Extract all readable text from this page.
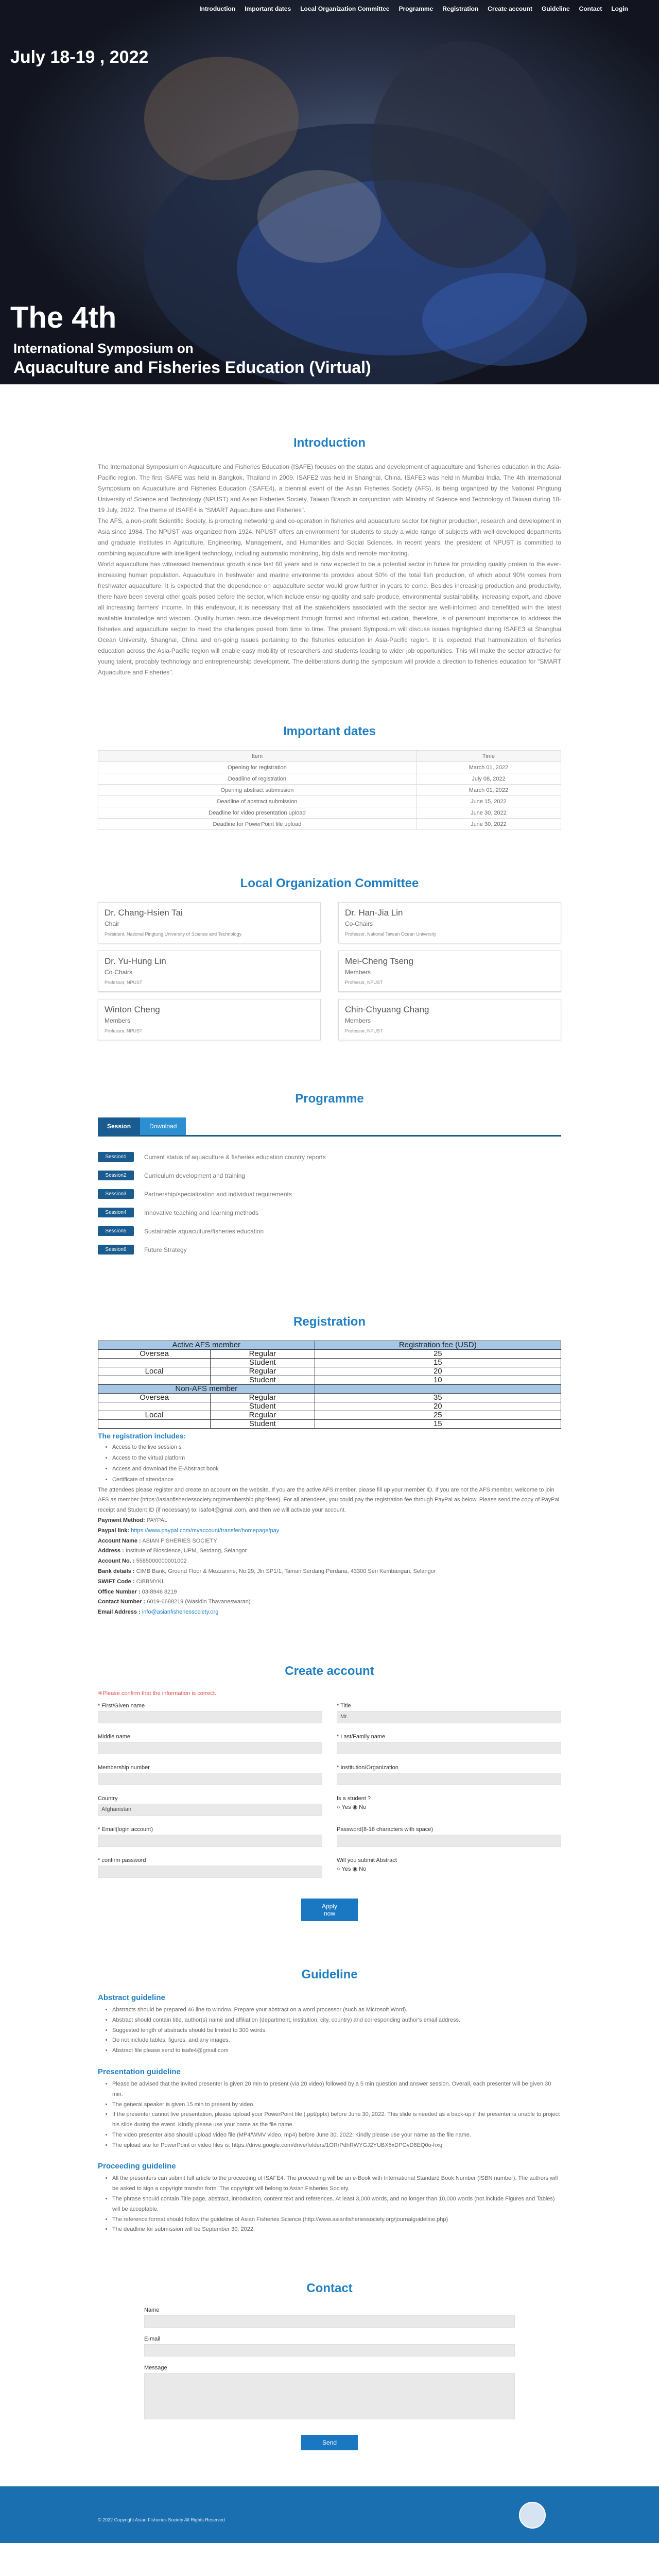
Introduction Important dates Local Organization Committee Programme Registration Create account Guideline Contact Login
July 18-19 , 2022
The 4th
International Symposium on
Aquaculture and Fisheries Education (Virtual)
Introduction

The International Symposium on Aquaculture and Fisheries Education (ISAFE) focuses on the status and development of aquaculture and fisheries education in the Asia-Pacific region. The first ISAFE was held in Bangkok, Thailand in 2009. ISAFE2 was held in Shanghai, China. ISAFE3 was held in Mumbai India. The 4th International Symposium on Aquaculture and Fisheries Education (ISAFE4), a biennial event of the Asian Fisheries Society (AFS), is being organized by the National Pingtung University of Science and Technology (NPUST) and Asian Fisheries Society, Taiwan Branch in conjunction with Ministry of Science and Technology of Taiwan during 18-19 July, 2022. The theme of ISAFE4 is "SMART Aquaculture and Fisheries".

The AFS, a non-profit Scientific Society, is promoting networking and co-operation in fisheries and aquaculture sector for higher production, research and development in Asia since 1984. The NPUST was organized from 1924. NPUST offers an environment for students to study a wide range of subjects with well developed departments and graduate institutes in Agriculture, Engineering, Management, and Humanities and Social Sciences. In recent years, the president of NPUST is committed to combining aquaculture with intelligent technology, including automatic monitoring, big data and remote monitoring.

World aquaculture has witnessed tremendous growth since last 60 years and is now expected to be a potential sector in future for providing quality protein to the ever-increasing human population. Aquaculture in freshwater and marine environments provides about 50% of the total fish production, of which about 90% comes from freshwater aquaculture. It is expected that the dependence on aquaculture sector would grow further in years to come. Besides increasing production and productivity, there have been several other goals posed before the sector, which include ensuring quality and safe produce, environmental sustainability, increasing export, and above all increasing farmers' income. In this endeavour, it is necessary that all the stakeholders associated with the sector are well-informed and benefitted with the latest available knowledge and wisdom. Quality human resource development through formal and informal education, therefore, is of paramount importance to address the fisheries and aquaculture sector to meet the challenges posed from time to time. The present Symposium will discuss issues highlighted during ISAFE3 at Shanghai Ocean University, Shanghai, China and on-going issues pertaining to the fisheries education in Asia-Pacific region. It is expected that harmonization of fisheries education across the Asia-Pacific region will enable easy mobility of researchers and students leading to wider job opportunities. This will make the sector attractive for young talent, probably technology and entrepreneurship development. The deliberations during the symposium will provide a direction to fisheries education for "SMART Aquaculture and Fisheries".

Important dates
Item	Time
Opening for registration	March 01, 2022
Deadline of registration	July 08, 2022
Opening abstract submission	March 01, 2022
Deadline of abstract submission	June 15, 2022
Deadline for video presentation upload	June 30, 2022
Deadline for PowerPoint file upload	June 30, 2022
Local Organization Committee
Dr. Chang-Hsien Tai
Chair
President, National Pingtung University of Science and Technology
Dr. Han-Jia Lin
Co-Chairs
Professor, National Taiwan Ocean University
Dr. Yu-Hung Lin
Co-Chairs
Professor, NPUST
Mei-Cheng Tseng
Members
Professor, NPUST
Winton Cheng
Members
Professor, NPUST
Chin-Chyuang Chang
Members
Professor, NPUST
Programme
Session	Download
Session1	Current status of aquaculture & fisheries education country reports
Session2	Curriculum development and training
Session3	Partnership/specialization and individual requirements
Session4	Innovative teaching and learning methods
Session5	Sustainable aquaculture/fisheries education
Session6	Future Strategy
Registration
Active AFS member		Registration fee (USD)
Oversea	Regular	25
	Student	15
Local	Regular	20
	Student	10
Non-AFS member		
Oversea	Regular	35
	Student	20
Local	Regular	25
	Student	15
The registration includes:
• Access to the live session s
• Access to the virtual platform
• Access and download the E-Abstract book
• Certificate of attendance

The attendees please register and create an account on the website. If you are the active AFS member, please fill up your member ID. If you are not the AFS member, welcome to join AFS as member (https://asianfisheriessociety.org/membership.php?fees). For all attendees, you could pay the registration fee through PayPal as below. Please send the copy of PayPal receipt and Student ID (if necessary) to: isafe4@gmail.com, and then we will activate your account.

Payment Method: PAYPAL

Paypal link: https://www.paypal.com/myaccount/transfer/homepage/pay

Account Name : ASIAN FISHERIES SOCIETY

Address : Institute of Bioscience, UPM, Serdang, Selangor

Account No. : 5585000000001002

Bank details : CIMB Bank, Ground Floor & Mezzanine, No.29, Jln SP1/1, Taman Serdang Perdana, 43300 Seri Kembangan, Selangor

SWIFT Code : CIBBMYKL

Office Number : 03-8946 8219

Contact Number : 6019-6688219 (Wasidin Thavaneswaran)

Email Address : info@asianfisheriessociety.org

Create account
※Please confirm that the information is correct.
* First/Given name	* Title
Mr.
Middle name	* Last/Family name
Membership number	* Institution/Organization
Country
Afghanistan
Is a student ?
○ Yes ◉ No
* Email(login account)	Password(8-16 characters with space)
* confirm password	Will you submit Abstract
○ Yes ◉ No
Apply now
Guideline
Abstract guideline
• Abstracts should be prepared 46 line to window. Prepare your abstract on a word processor (such as Microsoft Word).
• Abstract should contain title, author(s) name and affiliation (department, institution, city, country) and corresponding author's email address.
• Suggested length of abstracts should be limited to 300 words.
• Do not include tables, figures, and any images.
• Abstract file please send to isafe4@gmail.com
Presentation guideline
• Please be advised that the invited presenter is given 20 min to present (via 20 video) followed by a 5 min question and answer session. Overall, each presenter will be given 30 min.
• The general speaker is given 15 min to present by video.
• If the presenter cannot live presentation, please upload your PowerPoint file (.ppt/pptx) before June 30, 2022. This slide is needed as a back-up if the presenter is unable to project his slide during the event. Kindly please use your name as the file name.
• The video presenter also should upload video file (MP4/WMV video, mp4) before June 30, 2022. Kindly please use your name as the file name.
• The upload site for PowerPoint or video files is: https://drive.google.com/drive/folders/1ORrPdhRWYGJ2YUBX5xDPGvD8EQ0o-hxq
Proceeding guideline
• All the presenters can submit full article to the proceeding of ISAFE4. The proceeding will be an e-Book with International Standard Book Number (ISBN number). The authors will be asked to sign a copyright transfer form. The copyright will belong to Asian Fisheries Society.
• The phrase should contain Title page, abstract, introduction, content text and references. At least 3,000 words, and no longer than 10,000 words (not include Figures and Tables) will be acceptable.
• The reference format should follow the guideline of Asian Fisheries Science (http://www.asianfisheriessociety.org/journalguideline.php)
• The deadline for submission will be September 30, 2022.
Contact
Name
E-mail
Message
Send
© 2022 Copyright Asian Fisheries Society All Rights Reserved
